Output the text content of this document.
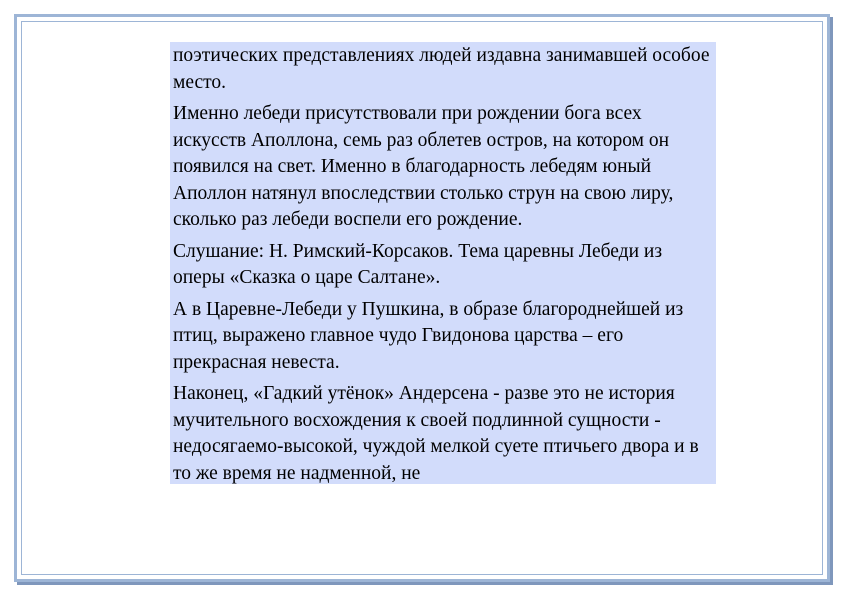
поэтических представлениях людей издавна занимавшей особое место.

Именно лебеди присутствовали при рождении бога всех искусств Аполлона, семь раз облетев остров, на котором он появился на свет. Именно в благодарность лебедям юный Аполлон натянул впоследствии столько струн на свою лиру, сколько раз лебеди воспели его рождение.

Слушание: Н. Римский-Корсаков. Тема царевны Лебеди из оперы «Сказка о царе Салтане».

А в Царевне-Лебеди у Пушкина, в образе благороднейшей из птиц, выражено главное чудо Гвидонова царства – его прекрасная невеста.

Наконец, «Гадкий утёнок» Андерсена - разве это не история мучительного восхождения к своей подлинной сущности - недосягаемо-высокой, чуждой мелкой суете птичьего двора и в то же время не надменной, не
